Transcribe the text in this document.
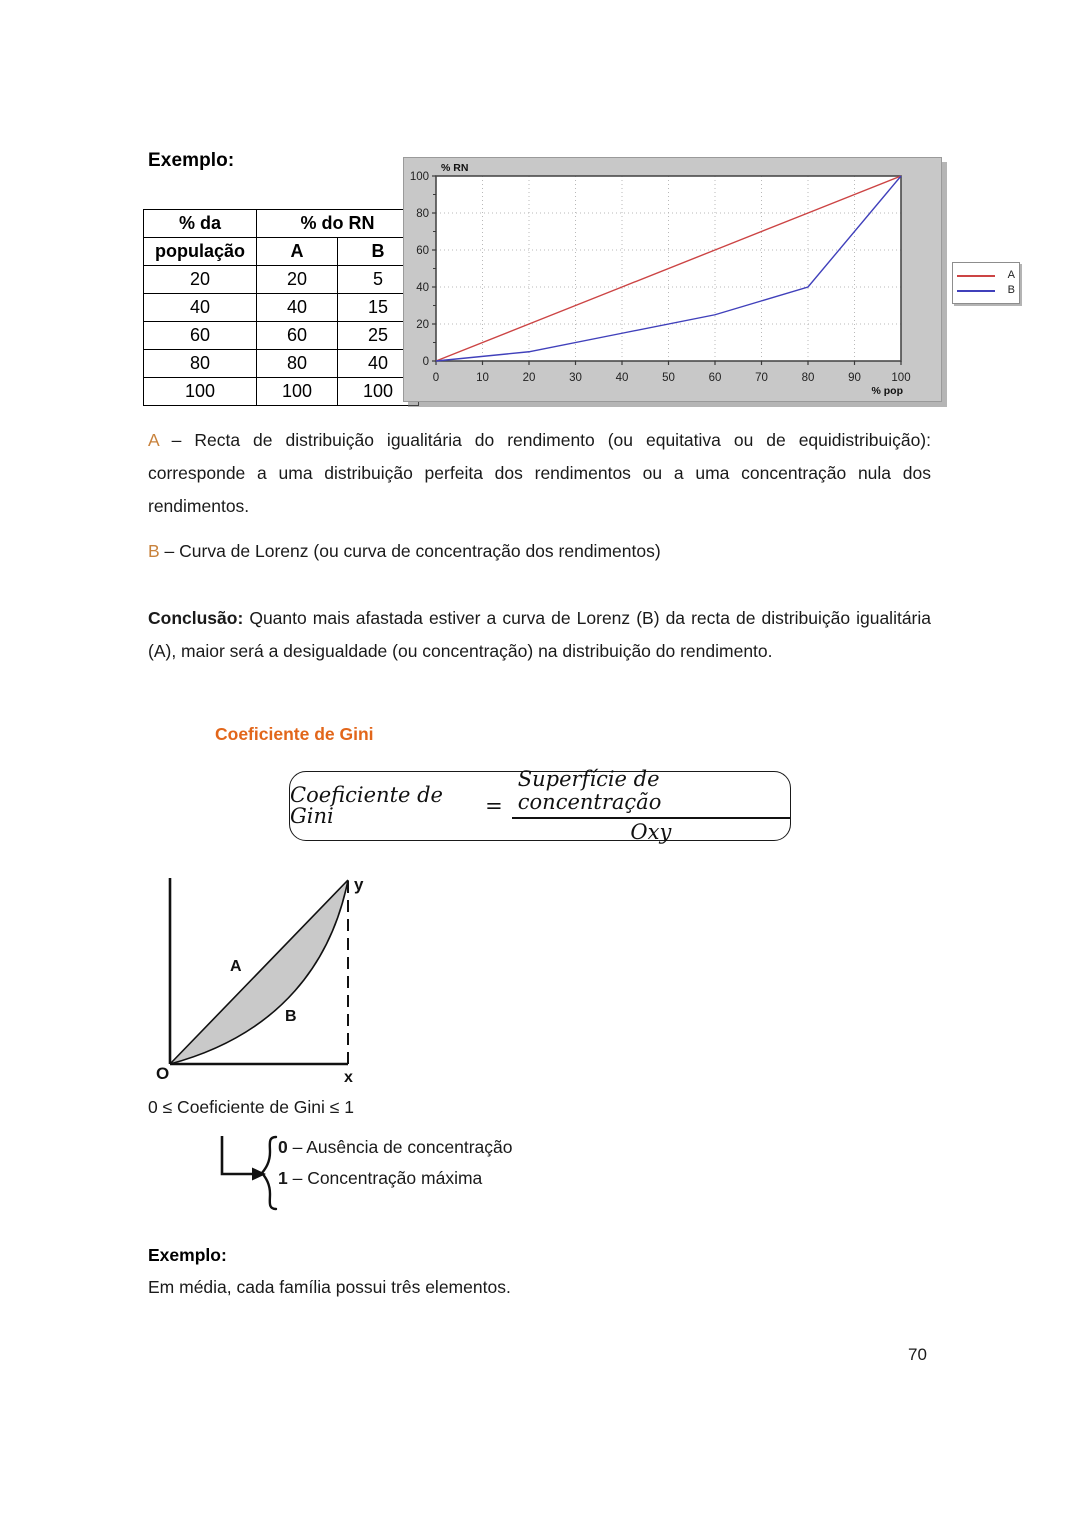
Exemplo:
% da	% do RN	
população	A	B
20	20	5
40	40	15
60	60	25
80	80	40
100	100	100
0	10	20	30	40	50	60	70	80	90	100
0
20
40
60
80
100
% RN
% pop
A
B
A – Recta de distribuição igualitária do rendimento (ou equitativa ou de equidistribuição): corresponde a uma distribuição perfeita dos rendimentos ou a uma concentração nula dos rendimentos.
B – Curva de Lorenz (ou curva de concentração dos rendimentos)
Conclusão: Quanto mais afastada estiver a curva de Lorenz (B) da recta de distribuição igualitária (A), maior será a desigualdade (ou concentração) na distribuição do rendimento.
Coeficiente de Gini
Coeficiente de Gini	= $\frac{\text{Superfície de concentração}}{\text{Oxy}}$
O	x
y
A
B
0 ≤ Coeficiente de Gini ≤ 1
0 – Ausência de concentração
1 – Concentração máxima
Exemplo:
Em média, cada família possui três elementos.
70
